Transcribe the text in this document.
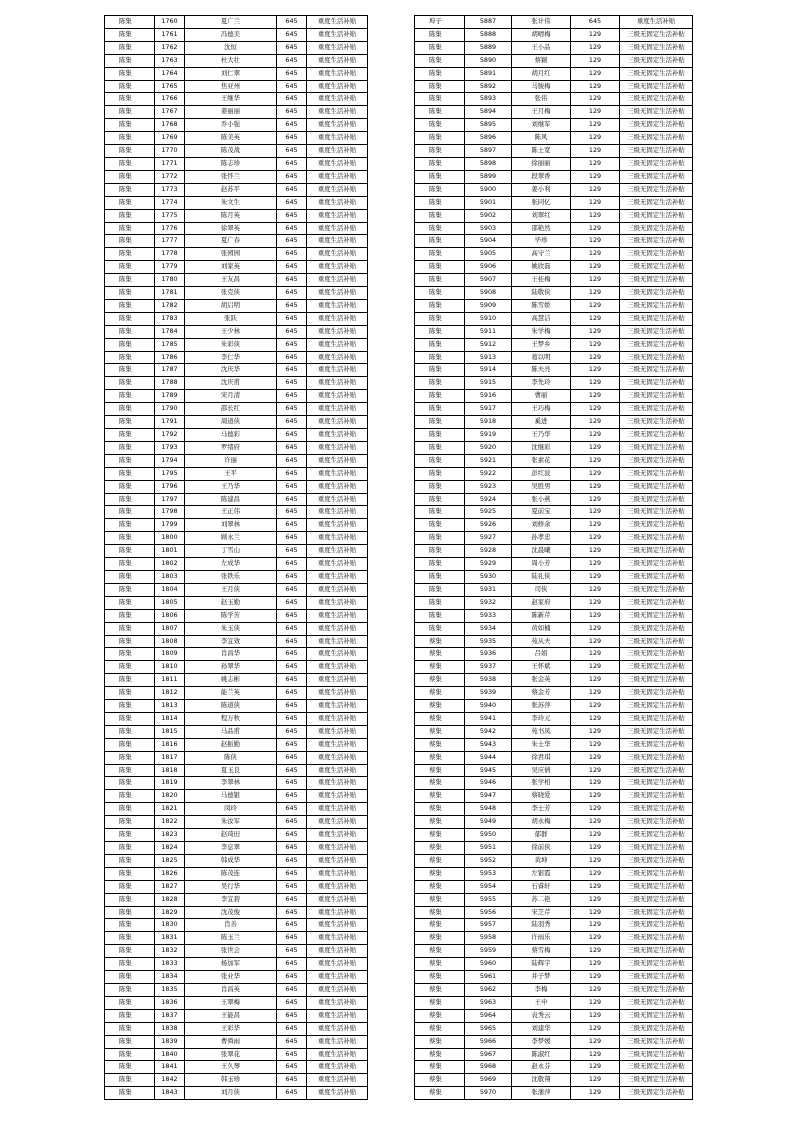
陈集	1760	夏广兰	645	重度生活补贴
陈集	1761	冯德美	645	重度生活补贴
陈集	1762	沈恒	645	重度生活补贴
陈集	1763	杜大壮	645	重度生活补贴
陈集	1764	刘仁翠	645	重度生活补贴
陈集	1765	焦亚州	645	重度生活补贴
陈集	1766	王继华	645	重度生活补贴
陈集	1767	姜丽丽	645	重度生活补贴
陈集	1768	乔小强	645	重度生活补贴
陈集	1769	陈美英	645	重度生活补贴
陈集	1770	陈茂战	645	重度生活补贴
陈集	1771	陈志珍	645	重度生活补贴
陈集	1772	张怀兰	645	重度生活补贴
陈集	1773	赵苏平	645	重度生活补贴
陈集	1774	朱文生	645	重度生活补贴
陈集	1775	陈月英	645	重度生活补贴
陈集	1776	徐翠英	645	重度生活补贴
陈集	1777	夏广春	645	重度生活补贴
陈集	1778	张园园	645	重度生活补贴
陈集	1779	刘家英	645	重度生活补贴
陈集	1780	王友昌	645	重度生活补贴
陈集	1781	张克侠	645	重度生活补贴
陈集	1782	胡启明	645	重度生活补贴
陈集	1783	张跃	645	重度生活补贴
陈集	1784	王少林	645	重度生活补贴
陈集	1785	朱彩侠	645	重度生活补贴
陈集	1786	李仁华	645	重度生活补贴
陈集	1787	沈庆华	645	重度生活补贴
陈集	1788	沈庆甫	645	重度生活补贴
陈集	1789	宋月清	645	重度生活补贴
陈集	1790	邵长红	645	重度生活补贴
陈集	1791	周道侠	645	重度生活补贴
陈集	1792	马德彩	645	重度生活补贴
陈集	1793	罗绪府	645	重度生活补贴
陈集	1794	许丽	645	重度生活补贴
陈集	1795	王平	645	重度生活补贴
陈集	1796	王乃华	645	重度生活补贴
陈集	1797	陈建昌	645	重度生活补贴
陈集	1798	王正伟	645	重度生活补贴
陈集	1799	刘翠林	645	重度生活补贴
陈集	1800	顾永兰	645	重度生活补贴
陈集	1801	丁雪山	645	重度生活补贴
陈集	1802	左成华	645	重度生活补贴
陈集	1803	张铁乐	645	重度生活补贴
陈集	1804	王月侠	645	重度生活补贴
陈集	1805	赵玉勤	645	重度生活补贴
陈集	1806	陈学芳	645	重度生活补贴
陈集	1807	朱玉侠	645	重度生活补贴
陈集	1808	李宜效	645	重度生活补贴
陈集	1809	肖昌华	645	重度生活补贴
陈集	1810	孙翠华	645	重度生活补贴
陈集	1811	姚志彬	645	重度生活补贴
陈集	1812	能兰英	645	重度生活补贴
陈集	1813	陈道侠	645	重度生活补贴
陈集	1814	程万秋	645	重度生活补贴
陈集	1815	马品甫	645	重度生活补贴
陈集	1816	赵振勤	645	重度生活补贴
陈集	1817	陈侠	645	重度生活补贴
陈集	1818	夏玉良	645	重度生活补贴
陈集	1819	李翠林	645	重度生活补贴
陈集	1820	马德银	645	重度生活补贴
陈集	1821	闵玲	645	重度生活补贴
陈集	1822	朱汝军	645	重度生活补贴
陈集	1823	赵琦田	645	重度生活补贴
陈集	1824	李息翠	645	重度生活补贴
陈集	1825	韩成华	645	重度生活补贴
陈集	1826	陈茂连	645	重度生活补贴
陈集	1827	吴行华	645	重度生活补贴
陈集	1828	李宜碧	645	重度生活补贴
陈集	1829	沈茂俊	645	重度生活补贴
陈集	1830	肖善	645	重度生活补贴
陈集	1831	陈玉兰	645	重度生活补贴
陈集	1832	张世会	645	重度生活补贴
陈集	1833	杨加军	645	重度生活补贴
陈集	1834	张业华	645	重度生活补贴
陈集	1835	肖昌英	645	重度生活补贴
陈集	1836	王翠梅	645	重度生活补贴
陈集	1837	王能昌	645	重度生活补贴
陈集	1838	王彩华	645	重度生活补贴
陈集	1839	曹舜雨	645	重度生活补贴
陈集	1840	张翠花	645	重度生活补贴
陈集	1841	王久琴	645	重度生活补贴
陈集	1842	韩玉珍	645	重度生活补贴
陈集	1843	刘月侠	645	重度生活补贴
埠子	5887	张计伟	645	重度生活补贴
陈集	5888	胡晴梅	129	三级无固定生活补贴
陈集	5889	王小品	129	三级无固定生活补贴
陈集	5890	蔡颖	129	三级无固定生活补贴
陈集	5891	胡月红	129	三级无固定生活补贴
陈集	5892	马骏梅	129	三级无固定生活补贴
陈集	5893	张伟	129	三级无固定生活补贴
陈集	5894	王月梅	129	三级无固定生活补贴
陈集	5895	刘继军	129	三级无固定生活补贴
陈集	5896	陈风	129	三级无固定生活补贴
陈集	5897	陈士宽	129	三级无固定生活补贴
陈集	5898	徐丽丽	129	三级无固定生活补贴
陈集	5899	段翠香	129	三级无固定生活补贴
陈集	5900	姜小利	129	三级无固定生活补贴
陈集	5901	张同亿	129	三级无固定生活补贴
陈集	5902	刘翠红	129	三级无固定生活补贴
陈集	5903	邵艳然	129	三级无固定生活补贴
陈集	5904	毕珍	129	三级无固定生活补贴
陈集	5905	高守兰	129	三级无固定生活补贴
陈集	5906	姚欣磊	129	三级无固定生活补贴
陈集	5907	王桂梅	129	三级无固定生活补贴
陈集	5908	陆敬侠	129	三级无固定生活补贴
陈集	5909	陈雪娇	129	三级无固定生活补贴
陈集	5910	高慧洁	129	三级无固定生活补贴
陈集	5911	朱学梅	129	三级无固定生活补贴
陈集	5912	王梦乡	129	三级无固定生活补贴
陈集	5913	葛以明	129	三级无固定生活补贴
陈集	5914	陈夫亮	129	三级无固定生活补贴
陈集	5915	李先玲	129	三级无固定生活补贴
陈集	5916	曹丽	129	三级无固定生活补贴
陈集	5917	王巧梅	129	三级无固定生活补贴
陈集	5918	奚进	129	三级无固定生活补贴
陈集	5919	王乃华	129	三级无固定生活补贴
陈集	5920	沈继彩	129	三级无固定生活补贴
陈集	5921	张素花	129	三级无固定生活补贴
陈集	5922	彭红波	129	三级无固定生活补贴
陈集	5923	吴胜男	129	三级无固定生活补贴
陈集	5924	张小燕	129	三级无固定生活补贴
陈集	5925	夏前宝	129	三级无固定生活补贴
陈集	5926	刘修余	129	三级无固定生活补贴
陈集	5927	孙孝忠	129	三级无固定生活补贴
陈集	5928	沈晨曦	129	三级无固定生活补贴
陈集	5929	周小芳	129	三级无固定生活补贴
陈集	5930	陆礼侠	129	三级无固定生活补贴
陈集	5931	司侠	129	三级无固定生活补贴
陈集	5932	赵家府	129	三级无固定生活补贴
陈集	5933	陈新芹	129	三级无固定生活补贴
陈集	5934	黄如楠	129	三级无固定生活补贴
蔡集	5935	苑从夫	129	三级无固定生活补贴
蔡集	5936	吕娟	129	三级无固定生活补贴
蔡集	5937	王怀斌	129	三级无固定生活补贴
蔡集	5938	张金英	129	三级无固定生活补贴
蔡集	5939	蔡金芳	129	三级无固定生活补贴
蔡集	5940	张苏萍	129	三级无固定生活补贴
蔡集	5941	李玲元	129	三级无固定生活补贴
蔡集	5942	苑书凤	129	三级无固定生活补贴
蔡集	5943	朱士华	129	三级无固定生活补贴
蔡集	5944	徐君琪	129	三级无固定生活补贴
蔡集	5945	吴应倩	129	三级无固定生活补贴
蔡集	5946	张学相	129	三级无固定生活补贴
蔡集	5947	蔡晓爱	129	三级无固定生活补贴
蔡集	5948	李士芳	129	三级无固定生活补贴
蔡集	5949	胡永梅	129	三级无固定生活补贴
蔡集	5950	郁群	129	三级无固定生活补贴
蔡集	5951	徐前侠	129	三级无固定生活补贴
蔡集	5952	黄坤	129	三级无固定生活补贴
蔡集	5953	左银霞	129	三级无固定生活补贴
蔡集	5954	石睿轩	129	三级无固定生活补贴
蔡集	5955	苏二艳	129	三级无固定生活补贴
蔡集	5956	宋芝芹	129	三级无固定生活补贴
蔡集	5957	陆羽秀	129	三级无固定生活补贴
蔡集	5958	许雨乐	129	三级无固定生活补贴
蔡集	5959	蔡雪梅	129	三级无固定生活补贴
蔡集	5960	陆辉宇	129	三级无固定生活补贴
蔡集	5961	井子梦	129	三级无固定生活补贴
蔡集	5962	李梅	129	三级无固定生活补贴
蔡集	5963	王申	129	三级无固定生活补贴
蔡集	5964	袁秀云	129	三级无固定生活补贴
蔡集	5965	刘建华	129	三级无固定生活补贴
蔡集	5966	李梦媛	129	三级无固定生活补贴
蔡集	5967	陈淑红	129	三级无固定生活补贴
蔡集	5968	赵永芬	129	三级无固定生活补贴
蔡集	5969	沈敬翔	129	三级无固定生活补贴
蔡集	5970	张蒲萍	129	三级无固定生活补贴
